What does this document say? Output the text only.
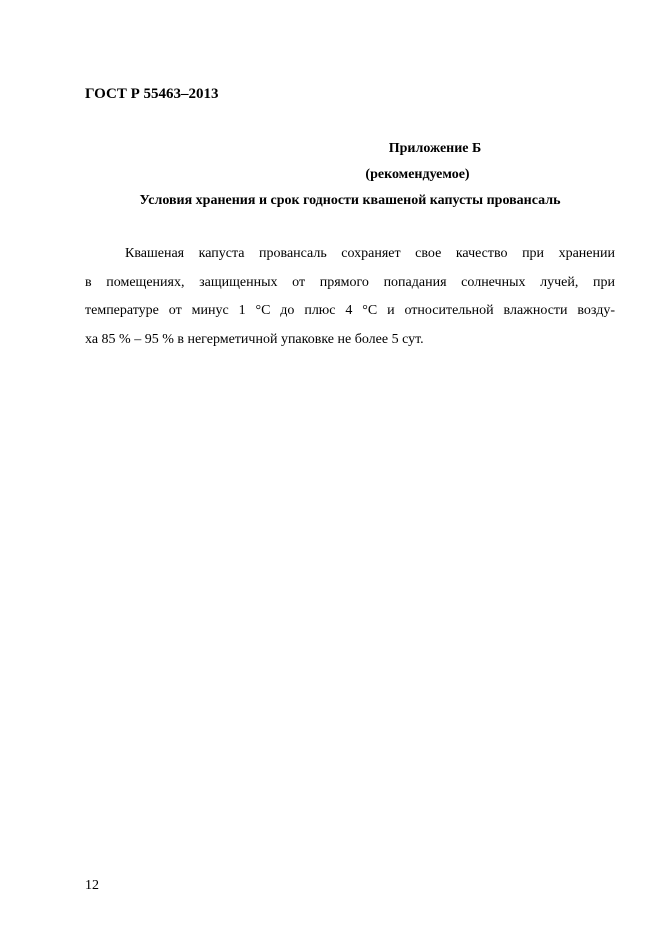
ГОСТ Р 55463–2013
Приложение Б
(рекомендуемое)
Условия хранения и срок годности квашеной капусты провансаль
Квашеная капуста провансаль сохраняет свое качество при хранении
в помещениях, защищенных от прямого попадания солнечных лучей, при
температуре от минус 1 °С до плюс 4 °С и относительной влажности возду-
ха 85 % – 95 % в негерметичной упаковке не более 5 сут.
12
